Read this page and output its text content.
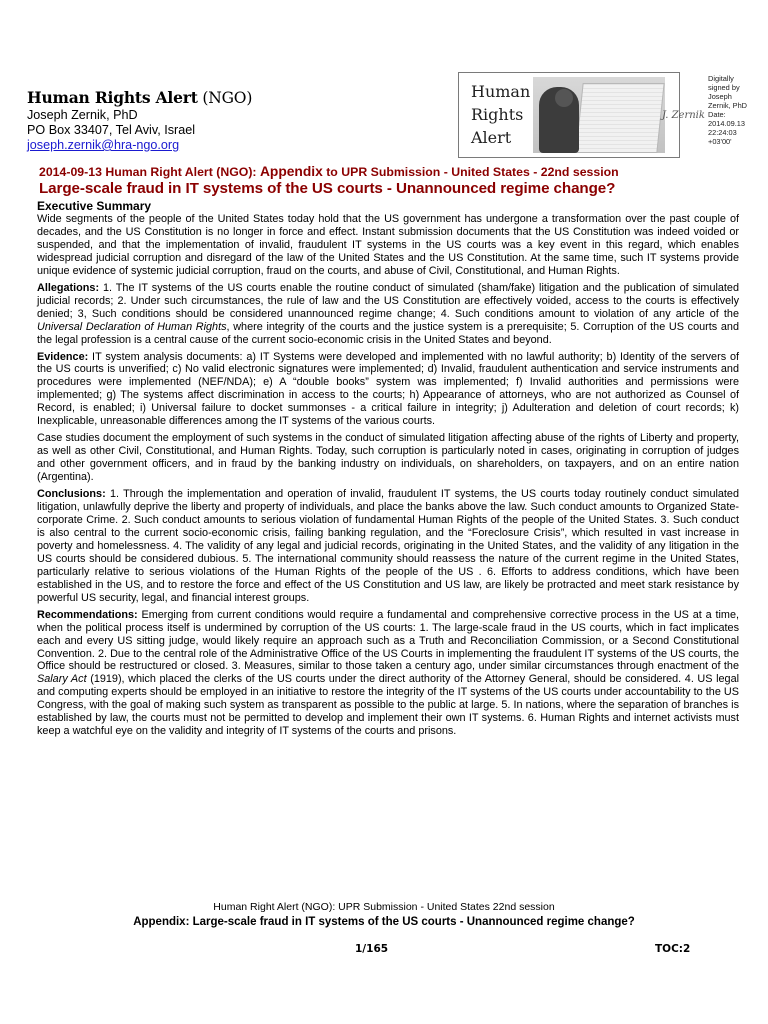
Human Rights Alert (NGO)
Joseph Zernik, PhD
PO Box 33407, Tel Aviv, Israel
joseph.zernik@hra-ngo.org
Human
Rights
Alert
J. Zernik
Digitally
signed by
Joseph
Zernik, PhD
Date:
2014.09.13
22:24:03
+03'00'
2014-09-13 Human Right Alert (NGO): Appendix to UPR Submission - United States - 22nd session
Large-scale fraud in IT systems of the US courts - Unannounced regime change?
Executive Summary

Wide segments of the people of the United States today hold that the US government has undergone a transformation over the past couple of decades, and the US Constitution is no longer in force and effect. Instant submission documents that the US Constitution was indeed voided or suspended, and that the implementation of invalid, fraudulent IT systems in the US courts was a key event in this regard, which enables widespread judicial corruption and disregard of the law of the United States and the US Constitution. At the same time, such IT systems provide unique evidence of systemic judicial corruption, fraud on the courts, and abuse of Civil, Constitutional, and Human Rights.

Allegations: 1. The IT systems of the US courts enable the routine conduct of simulated (sham/fake) litigation and the publication of simulated judicial records; 2. Under such circumstances, the rule of law and the US Constitution are effectively voided, access to the courts is effectively denied; 3, Such conditions should be considered unannounced regime change; 4. Such conditions amount to violation of any article of the Universal Declaration of Human Rights, where integrity of the courts and the justice system is a prerequisite; 5. Corruption of the US courts and the legal profession is a central cause of the current socio-economic crisis in the United States and beyond.

Evidence: IT system analysis documents: a) IT Systems were developed and implemented with no lawful authority; b) Identity of the servers of the US courts is unverified; c) No valid electronic signatures were implemented; d) Invalid, fraudulent authentication and service instruments and procedures were implemented (NEF/NDA); e) A “double books” system was implemented; f) Invalid authorities and permissions were implemented; g) The systems affect discrimination in access to the courts; h) Appearance of attorneys, who are not authorized as Counsel of Record, is enabled; i) Universal failure to docket summonses - a critical failure in integrity; j) Adulteration and deletion of court records; k) Inexplicable, unreasonable differences among the IT systems of the various courts.

Case studies document the employment of such systems in the conduct of simulated litigation affecting abuse of the rights of Liberty and property, as well as other Civil, Constitutional, and Human Rights. Today, such corruption is particularly noted in cases, originating in corruption of judges and other government officers, and in fraud by the banking industry on individuals, on shareholders, on taxpayers, and on an entire nation (Argentina).

Conclusions: 1. Through the implementation and operation of invalid, fraudulent IT systems, the US courts today routinely conduct simulated litigation, unlawfully deprive the liberty and property of individuals, and place the banks above the law. Such conduct amounts to Organized State-corporate Crime. 2. Such conduct amounts to serious violation of fundamental Human Rights of the people of the United States. 3. Such conduct is also central to the current socio-economic crisis, failing banking regulation, and the “Foreclosure Crisis”, which resulted in vast increase in poverty and homelessness. 4. The validity of any legal and judicial records, originating in the United States, and the validity of any litigation in the US courts should be considered dubious. 5. The international community should reassess the nature of the current regime in the United States, particularly relative to serious violations of the Human Rights of the people of the US . 6. Efforts to address conditions, which have been established in the US, and to restore the force and effect of the US Constitution and US law, are likely be protracted and meet stark resistance by powerful US security, legal, and financial interest groups.

Recommendations: Emerging from current conditions would require a fundamental and comprehensive corrective process in the US at a time, when the political process itself is undermined by corruption of the US courts: 1. The large-scale fraud in the US courts, which in fact implicates each and every US sitting judge, would likely require an approach such as a Truth and Reconciliation Commission, or a Second Constitutional Convention. 2. Due to the central role of the Administrative Office of the US Courts in implementing the fraudulent IT systems of the US courts, the Office should be restructured or closed. 3. Measures, similar to those taken a century ago, under similar circumstances through enactment of the Salary Act (1919), which placed the clerks of the US courts under the direct authority of the Attorney General, should be considered. 4. US legal and computing experts should be employed in an initiative to restore the integrity of the IT systems of the US courts under accountability to the US Congress, with the goal of making such system as transparent as possible to the public at large. 5. In nations, where the separation of branches is established by law, the courts must not be permitted to develop and implement their own IT systems. 6. Human Rights and internet activists must keep a watchful eye on the validity and integrity of IT systems of the courts and prisons.

Human Right Alert (NGO): UPR Submission - United States 22nd session
Appendix: Large-scale fraud in IT systems of the US courts - Unannounced regime change?
1/165	TOC:2
